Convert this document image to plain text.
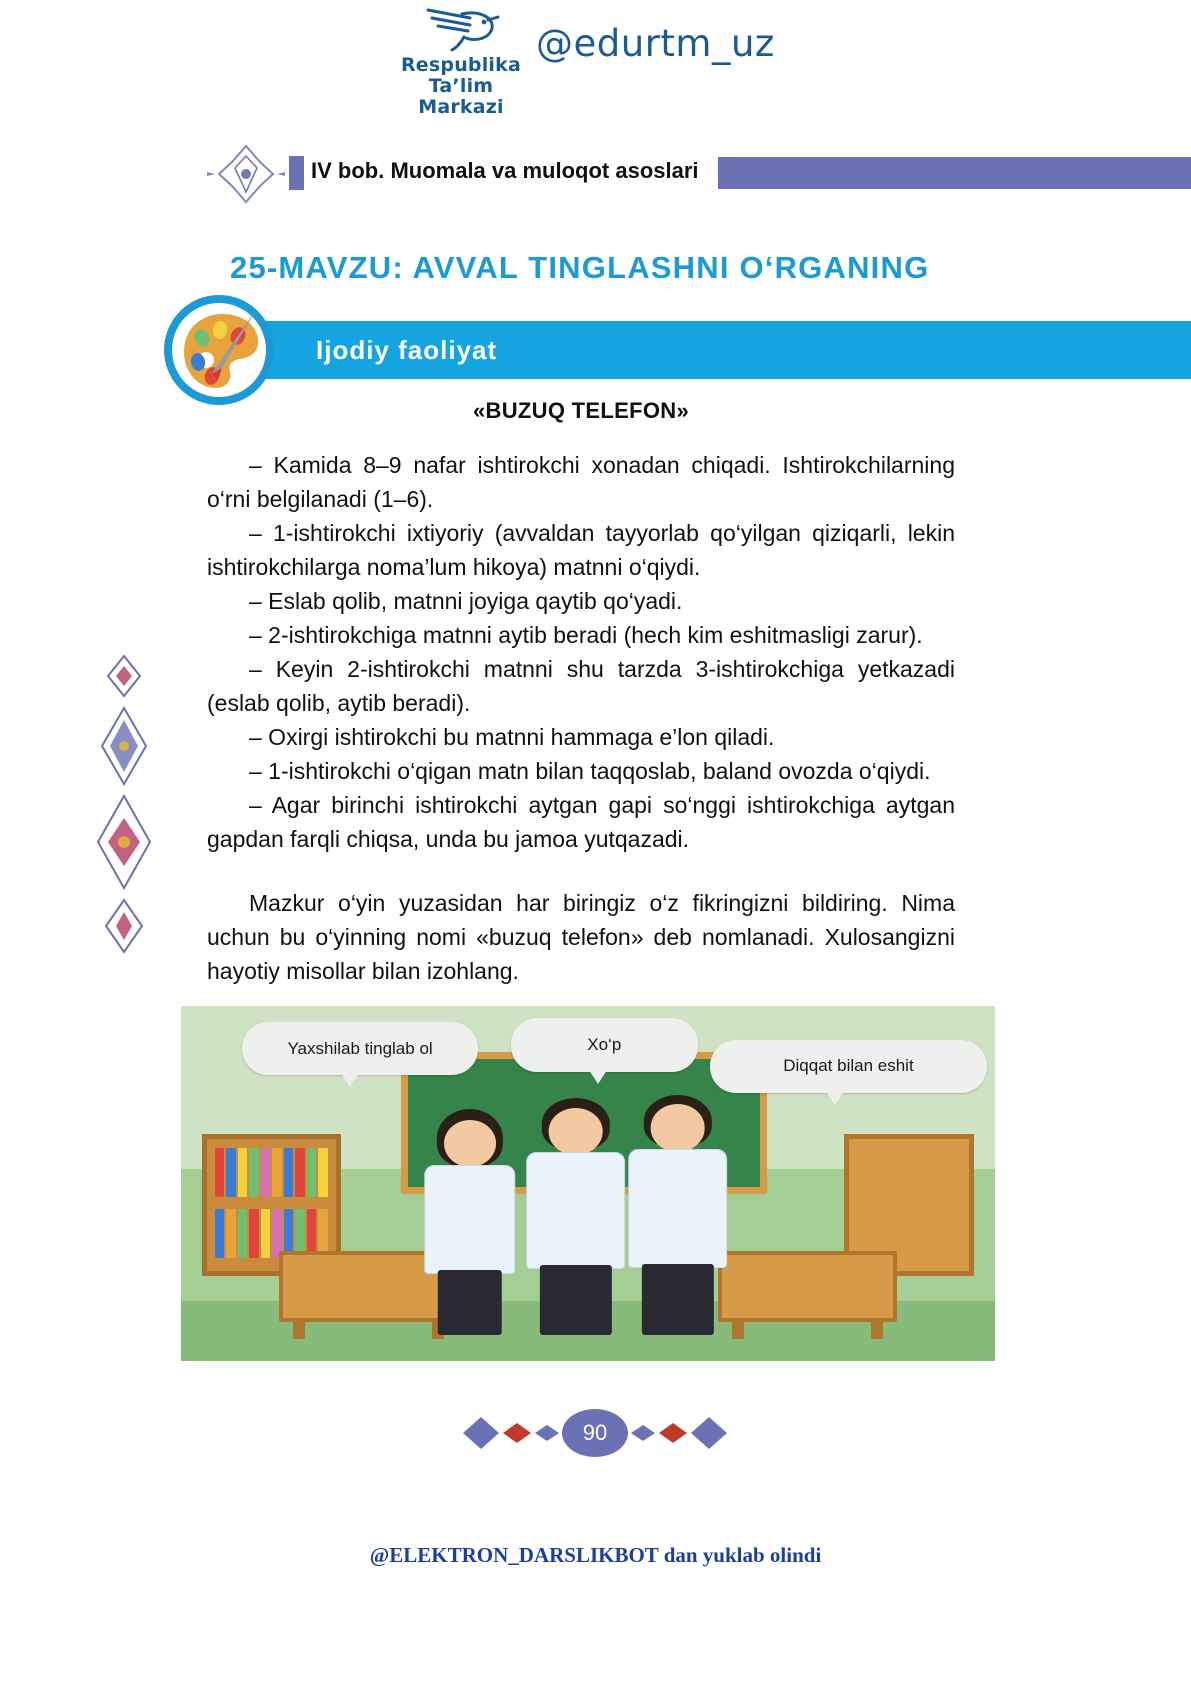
Respublika
Ta’lim Markazi
@edurtm_uz
IV bob. Muomala va muloqot asoslari
25-MAVZU: AVVAL TINGLASHNI O‘RGANING
Ijodiy faoliyat
«BUZUQ TELEFON»

– Kamida 8–9 nafar ishtirokchi xonadan chiqadi. Ishtirokchilarning o‘rni belgilanadi (1–6).

– 1-ishtirokchi ixtiyoriy (avvaldan tayyorlab qo‘yilgan qiziqarli, lekin ishtirokchilarga noma’lum hikoya) matnni o‘qiydi.

– Eslab qolib, matnni joyiga qaytib qo‘yadi.

– 2-ishtirokchiga matnni aytib beradi (hech kim eshitmasligi zarur).

– Keyin 2-ishtirokchi matnni shu tarzda 3-ishtirokchiga yetkazadi (eslab qolib, aytib beradi).

– Oxirgi ishtirokchi bu matnni hammaga e’lon qiladi.

– 1-ishtirokchi o‘qigan matn bilan taqqoslab, baland ovozda o‘qiydi.

– Agar birinchi ishtirokchi aytgan gapi so‘nggi ishtirokchiga aytgan gapdan farqli chiqsa, unda bu jamoa yutqazadi.

Mazkur o‘yin yuzasidan har biringiz o‘z fikringizni bildiring. Nima uchun bu o‘yinning nomi «buzuq telefon» deb nomlanadi. Xulosangizni hayotiy misollar bilan izohlang.

Yaxshilab tinglab ol	Xo‘p
Diqqat bilan eshit
90
@ELEKTRON_DARSLIKBOT dan yuklab olindi
